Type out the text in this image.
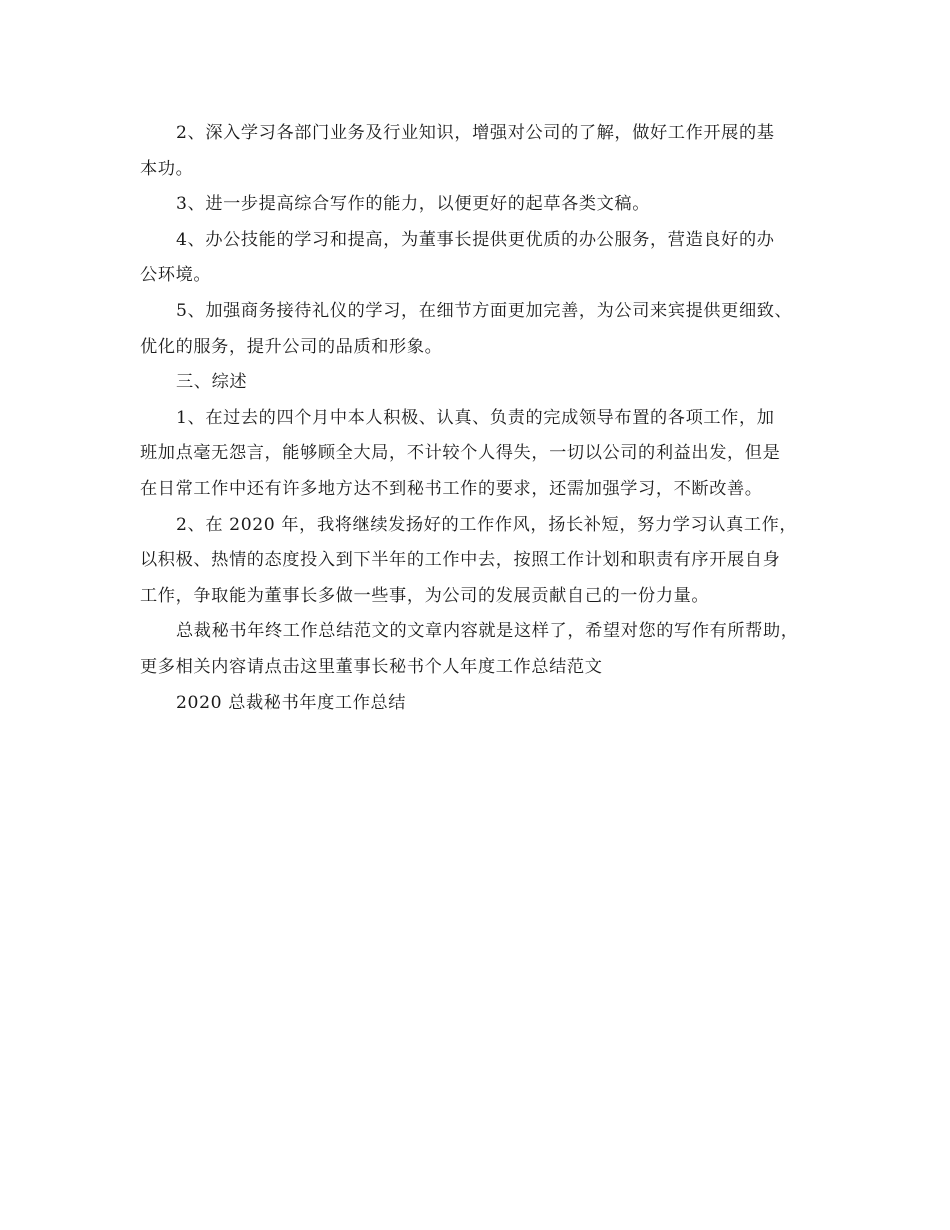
2、深入学习各部门业务及行业知识，增强对公司的了解，做好工作开展的基
本功。

3、进一步提高综合写作的能力，以便更好的起草各类文稿。

4、办公技能的学习和提高，为董事长提供更优质的办公服务，营造良好的办
公环境。

5、加强商务接待礼仪的学习，在细节方面更加完善，为公司来宾提供更细致、
优化的服务，提升公司的品质和形象。

三、综述

1、在过去的四个月中本人积极、认真、负责的完成领导布置的各项工作，加
班加点毫无怨言，能够顾全大局，不计较个人得失，一切以公司的利益出发，但是
在日常工作中还有许多地方达不到秘书工作的要求，还需加强学习，不断改善。

2、在 2020 年，我将继续发扬好的工作作风，扬长补短，努力学习认真工作，
以积极、热情的态度投入到下半年的工作中去，按照工作计划和职责有序开展自身
工作，争取能为董事长多做一些事，为公司的发展贡献自己的一份力量。

总裁秘书年终工作总结范文的文章内容就是这样了，希望对您的写作有所帮助，
更多相关内容请点击这里董事长秘书个人年度工作总结范文

2020 总裁秘书年度工作总结
